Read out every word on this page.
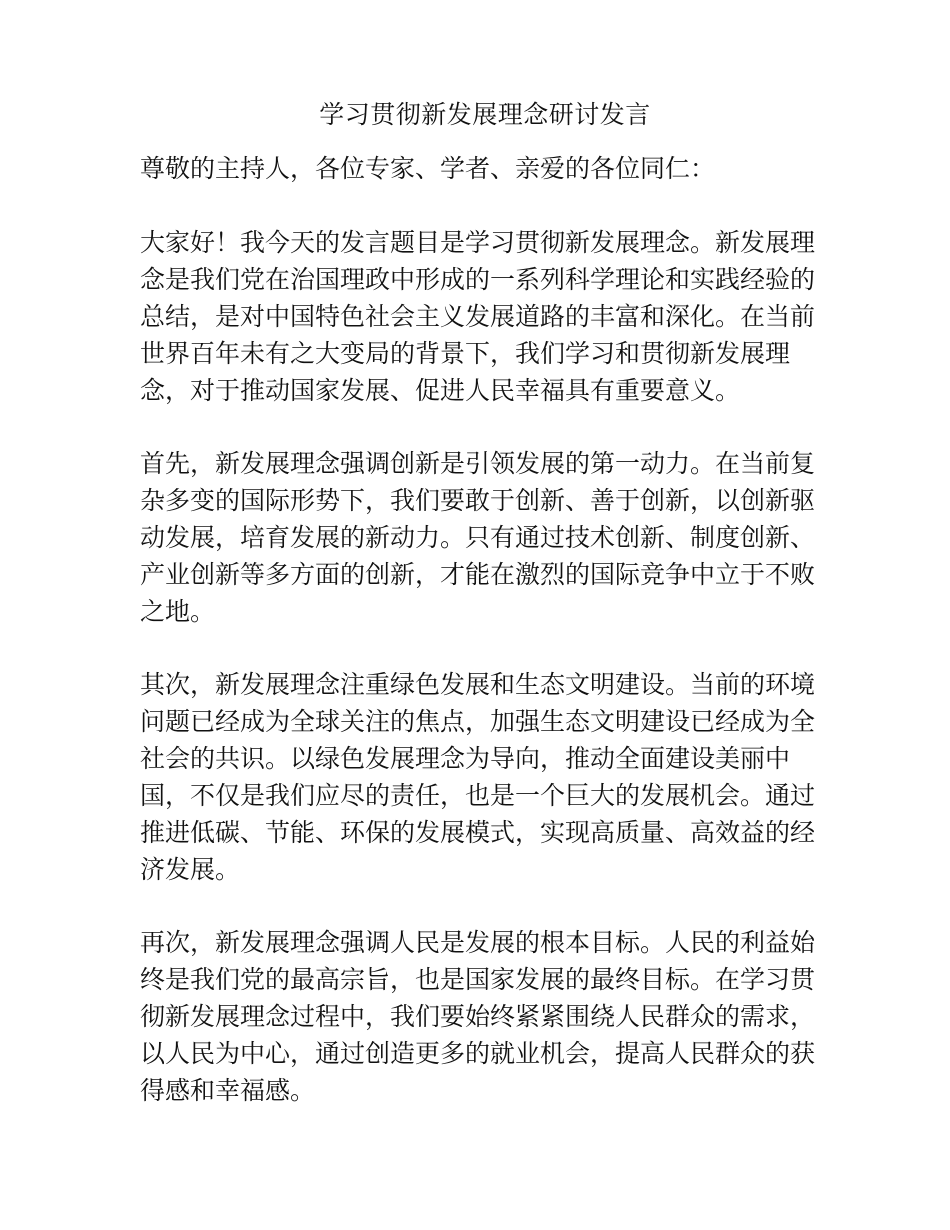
学习贯彻新发展理念研讨发言

尊敬的主持人，各位专家、学者、亲爱的各位同仁：

大家好！我今天的发言题目是学习贯彻新发展理念。新发展理念是我们党在治国理政中形成的一系列科学理论和实践经验的总结，是对中国特色社会主义发展道路的丰富和深化。在当前世界百年未有之大变局的背景下，我们学习和贯彻新发展理念，对于推动国家发展、促进人民幸福具有重要意义。

首先，新发展理念强调创新是引领发展的第一动力。在当前复杂多变的国际形势下，我们要敢于创新、善于创新，以创新驱动发展，培育发展的新动力。只有通过技术创新、制度创新、产业创新等多方面的创新，才能在激烈的国际竞争中立于不败之地。

其次，新发展理念注重绿色发展和生态文明建设。当前的环境问题已经成为全球关注的焦点，加强生态文明建设已经成为全社会的共识。以绿色发展理念为导向，推动全面建设美丽中国，不仅是我们应尽的责任，也是一个巨大的发展机会。通过推进低碳、节能、环保的发展模式，实现高质量、高效益的经济发展。

再次，新发展理念强调人民是发展的根本目标。人民的利益始终是我们党的最高宗旨，也是国家发展的最终目标。在学习贯彻新发展理念过程中，我们要始终紧紧围绕人民群众的需求，以人民为中心，通过创造更多的就业机会，提高人民群众的获得感和幸福感。
